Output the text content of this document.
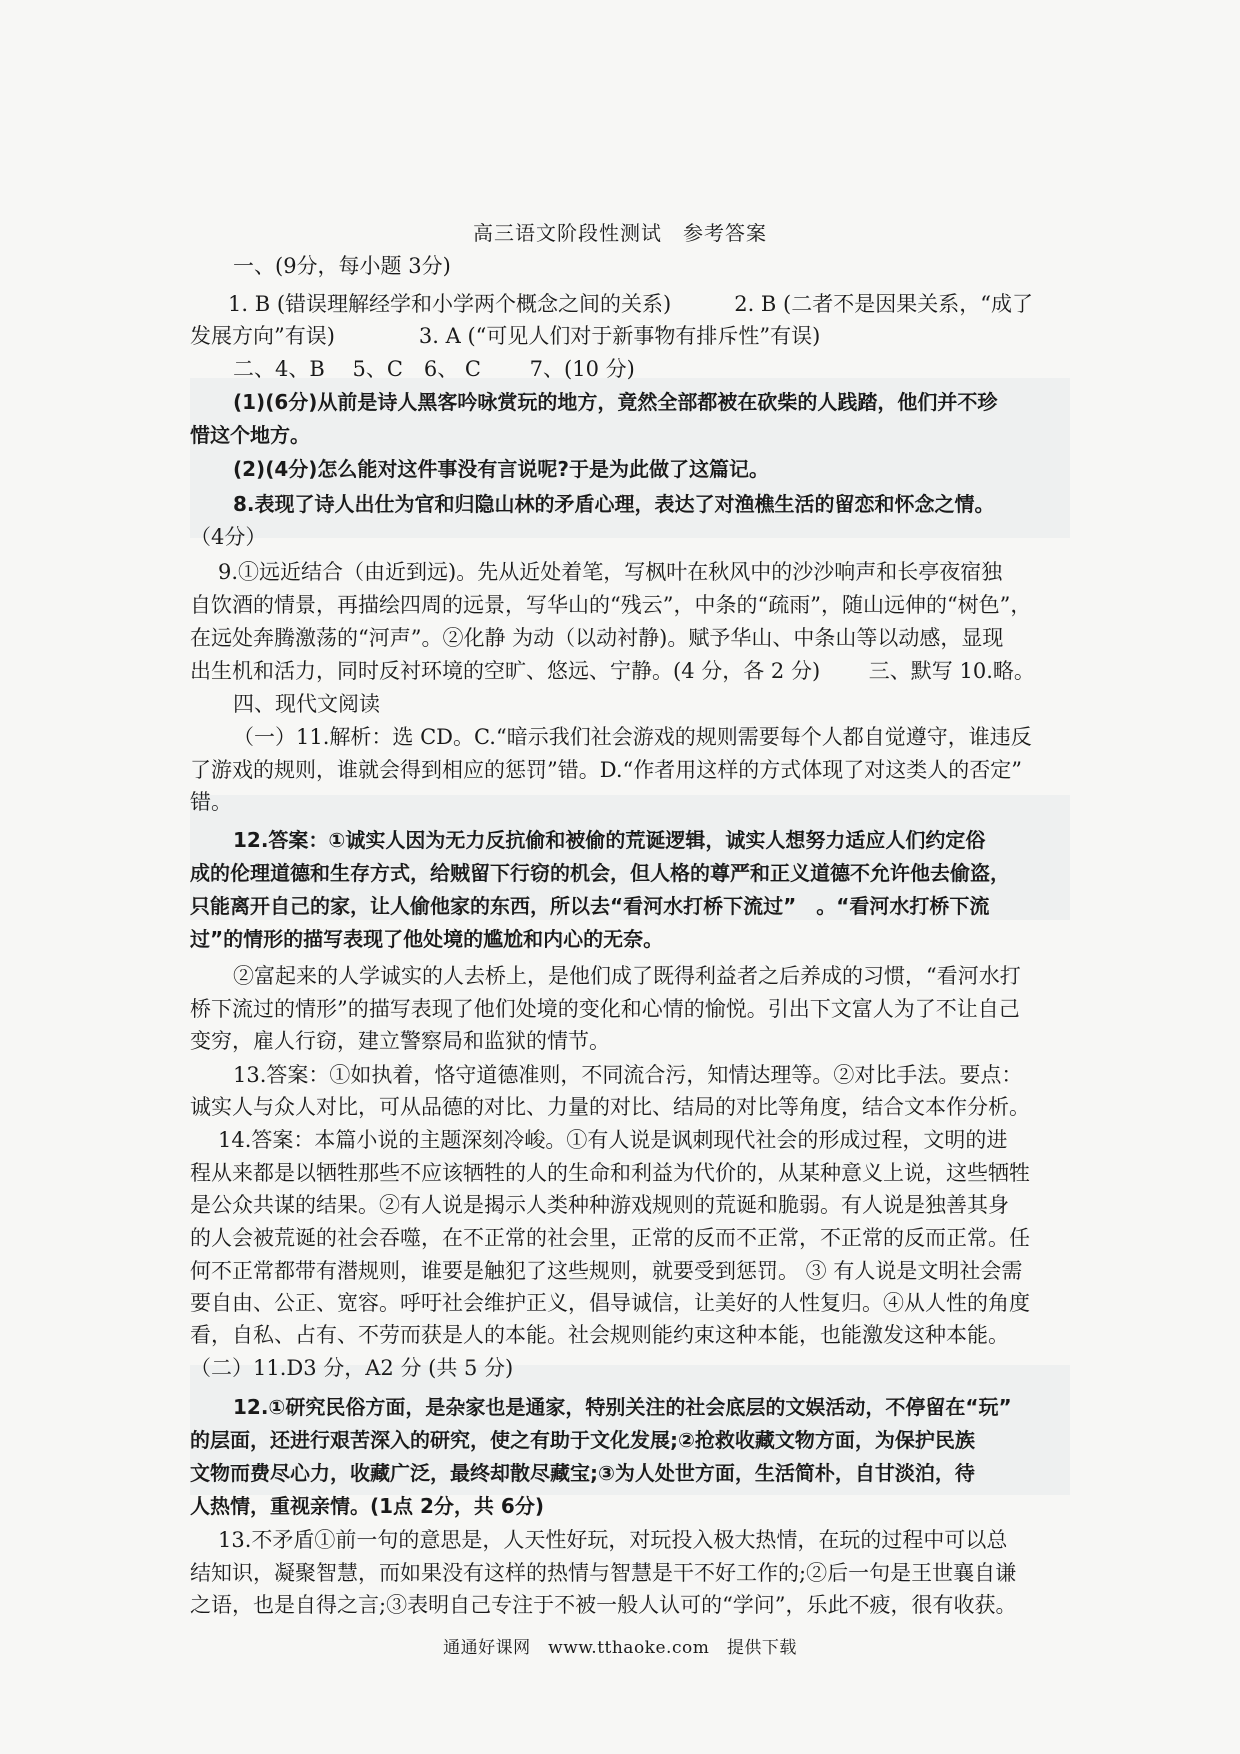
高三语文阶段性测试　参考答案
一、(9分，每小题 3分)
1. B (错误理解经学和小学两个概念之间的关系)　　　2. B (二者不是因果关系，“成了
发展方向”有误)　　　　3. A (“可见人们对于新事物有排斥性”有误)
二、4、B　 5、C　6、 C　　 7、(10 分)
(1)(6分)从前是诗人黑客吟咏赏玩的地方，竟然全部都被在砍柴的人践踏，他们并不珍
惜这个地方。
(2)(4分)怎么能对这件事没有言说呢?于是为此做了这篇记。
8.表现了诗人出仕为官和归隐山林的矛盾心理，表达了对渔樵生活的留恋和怀念之情。
（4分）
9.①远近结合（由近到远)。先从近处着笔，写枫叶在秋风中的沙沙响声和长亭夜宿独
自饮酒的情景，再描绘四周的远景，写华山的“残云”，中条的“疏雨”，随山远伸的“树色”，
在远处奔腾激荡的“河声”。②化静 为动（以动衬静)。赋予华山、中条山等以动感，显现
出生机和活力，同时反衬环境的空旷、悠远、宁静。(4 分，各 2 分)　　 三、默写 10.略。
四、现代文阅读
（一）11.解析：选 CD。C.“暗示我们社会游戏的规则需要每个人都自觉遵守，谁违反
了游戏的规则，谁就会得到相应的惩罚”错。D.“作者用这样的方式体现了对这类人的否定”
错。
12.答案：①诚实人因为无力反抗偷和被偷的荒诞逻辑，诚实人想努力适应人们约定俗
成的伦理道德和生存方式，给贼留下行窃的机会，但人格的尊严和正义道德不允许他去偷盗，
只能离开自己的家，让人偷他家的东西，所以去“看河水打桥下流过”　。“看河水打桥下流
过”的情形的描写表现了他处境的尴尬和内心的无奈。
②富起来的人学诚实的人去桥上，是他们成了既得利益者之后养成的习惯，“看河水打
桥下流过的情形”的描写表现了他们处境的变化和心情的愉悦。引出下文富人为了不让自己
变穷，雇人行窃，建立警察局和监狱的情节。
13.答案：①如执着，恪守道德准则，不同流合污，知情达理等。②对比手法。要点：
诚实人与众人对比，可从品德的对比、力量的对比、结局的对比等角度，结合文本作分析。
14.答案：本篇小说的主题深刻冷峻。①有人说是讽刺现代社会的形成过程，文明的进
程从来都是以牺牲那些不应该牺牲的人的生命和利益为代价的，从某种意义上说，这些牺牲
是公众共谋的结果。②有人说是揭示人类种种游戏规则的荒诞和脆弱。有人说是独善其身
的人会被荒诞的社会吞噬，在不正常的社会里，正常的反而不正常，不正常的反而正常。任
何不正常都带有潜规则，谁要是触犯了这些规则，就要受到惩罚。 ③ 有人说是文明社会需
要自由、公正、宽容。呼吁社会维护正义，倡导诚信，让美好的人性复归。④从人性的角度
看，自私、占有、不劳而获是人的本能。社会规则能约束这种本能，也能激发这种本能。
（二）11.D3 分，A2 分 (共 5 分)
12.①研究民俗方面，是杂家也是通家，特别关注的社会底层的文娱活动，不停留在“玩”
的层面，还进行艰苦深入的研究，使之有助于文化发展;②抢救收藏文物方面，为保护民族
文物而费尽心力，收藏广泛，最终却散尽藏宝;③为人处世方面，生活简朴，自甘淡泊，待
人热情，重视亲情。(1点 2分，共 6分)
13.不矛盾①前一句的意思是，人天性好玩，对玩投入极大热情，在玩的过程中可以总
结知识，凝聚智慧，而如果没有这样的热情与智慧是干不好工作的;②后一句是王世襄自谦
之语，也是自得之言;③表明自己专注于不被一般人认可的“学问”，乐此不疲，很有收获。
通通好课网　www.tthaoke.com　提供下载
